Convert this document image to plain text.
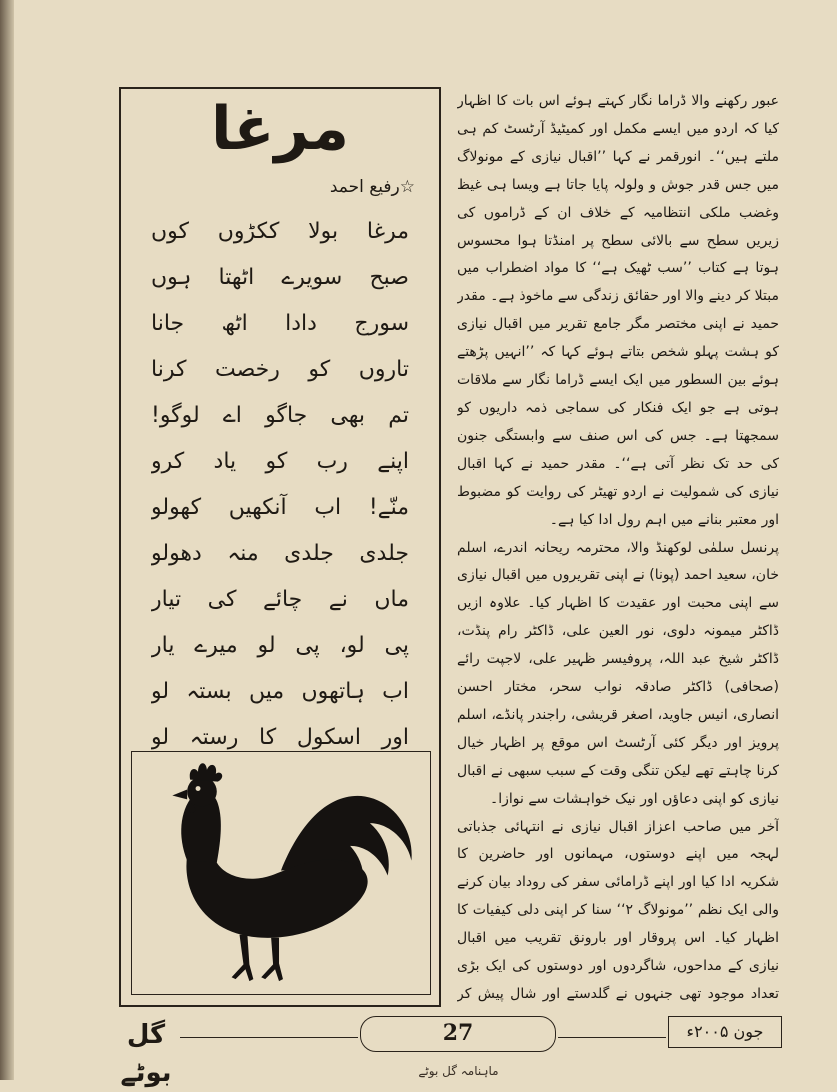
مرغا
☆رفیع احمد
مرغا بولا ککڑوں کوں
صبح سویرے اٹھتا ہوں
سورج دادا اٹھ جانا
تاروں کو رخصت کرنا
تم بھی جاگو اے لوگو!
اپنے رب کو یاد کرو
منّے! اب آنکھیں کھولو
جلدی جلدی منہ دھولو
ماں نے چائے کی تیار
پی لو، پی لو میرے یار
اب ہاتھوں میں بستہ لو
اور اسکول کا رستہ لو

عبور رکھنے والا ڈراما نگار کہتے ہوئے اس بات کا اظہار کیا کہ اردو میں ایسے مکمل اور کمیٹیڈ آرٹسٹ کم ہی ملتے ہیں‘‘۔ انورقمر نے کہا ’’اقبال نیازی کے مونولاگ میں جس قدر جوش و ولولہ پایا جاتا ہے ویسا ہی غیظ وغضب ملکی انتظامیہ کے خلاف ان کے ڈراموں کی زیریں سطح سے بالائی سطح پر امنڈتا ہوا محسوس ہوتا ہے کتاب ’’سب ٹھیک ہے‘‘ کا مواد اضطراب میں مبتلا کر دینے والا اور حقائق زندگی سے ماخوذ ہے۔ مقدر حمید نے اپنی مختصر مگر جامع تقریر میں اقبال نیازی کو ہشت پہلو شخص بتاتے ہوئے کہا کہ ’’انہیں پڑھتے ہوئے بین السطور میں ایک ایسے ڈراما نگار سے ملاقات ہوتی ہے جو ایک فنکار کی سماجی ذمہ داریوں کو سمجھتا ہے۔ جس کی اس صنف سے وابستگی جنون کی حد تک نظر آتی ہے‘‘۔ مقدر حمید نے کہا اقبال نیازی کی شمولیت نے اردو تھیٹر کی روایت کو مضبوط اور معتبر بنانے میں اہم رول ادا کیا ہے۔

پرنسل سلمٰی لوکھنڈ والا، محترمہ ریحانہ اندرے، اسلم خان، سعید احمد (پونا) نے اپنی تقریروں میں اقبال نیازی سے اپنی محبت اور عقیدت کا اظہار کیا۔ علاوہ ازیں ڈاکٹر میمونہ دلوی، نور العین علی، ڈاکٹر رام پنڈت، ڈاکٹر شیخ عبد اللہ، پروفیسر ظہیر علی، لاجپت رائے (صحافی) ڈاکٹر صادقہ نواب سحر، مختار احسن انصاری، انیس جاوید، اصغر قریشی، راجندر پانڈے، اسلم پرویز اور دیگر کئی آرٹسٹ اس موقع پر اظہار خیال کرنا چاہتے تھے لیکن تنگی وقت کے سبب سبھی نے اقبال نیازی کو اپنی دعاؤں اور نیک خواہشات سے نوازا۔

آخر میں صاحب اعزاز اقبال نیازی نے انتہائی جذباتی لہجہ میں اپنے دوستوں، مہمانوں اور حاضرین کا شکریہ ادا کیا اور اپنے ڈرامائی سفر کی روداد بیان کرنے والی ایک نظم ’’مونولاگ ۲‘‘ سنا کر اپنی دلی کیفیات کا اظہار کیا۔ اس پروقار اور بارونق تقریب میں اقبال نیازی کے مداحوں، شاگردوں اور دوستوں کی ایک بڑی تعداد موجود تھی جنہوں نے گلدستے اور شال پیش کر

گل بوٹے
27	جون ۲۰۰۵ء
ماہنامہ گل بوٹے
